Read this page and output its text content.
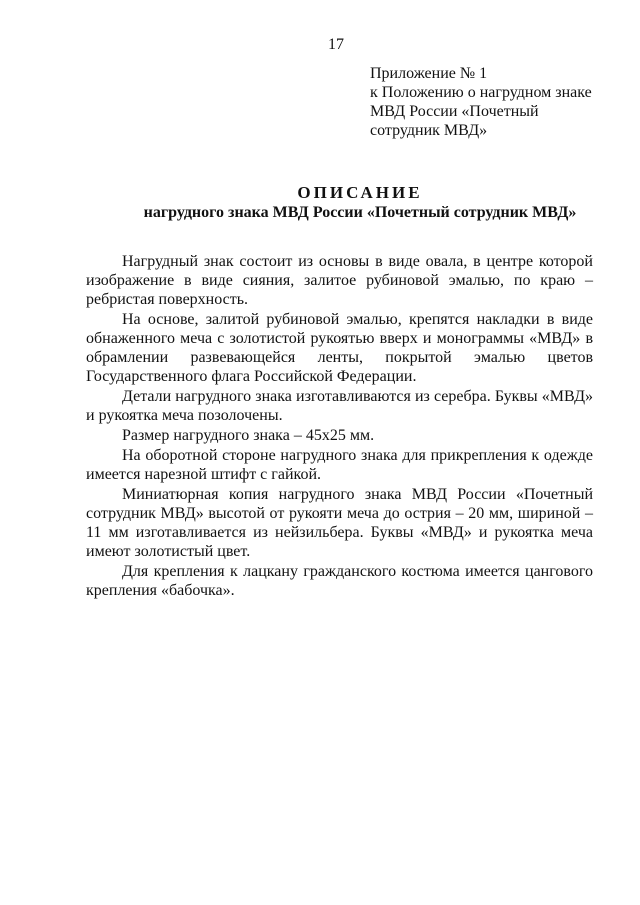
17
Приложение № 1
к Положению о нагрудном знаке
МВД России «Почетный
сотрудник МВД»
ОПИСАНИЕ
нагрудного знака МВД России «Почетный сотрудник МВД»

Нагрудный знак состоит из основы в виде овала, в центре которой изображение в виде сияния, залитое рубиновой эмалью, по краю – ребристая поверхность.

На основе, залитой рубиновой эмалью, крепятся накладки в виде обнаженного меча с золотистой рукоятью вверх и монограммы «МВД» в обрамлении развевающейся ленты, покрытой эмалью цветов Государственного флага Российской Федерации.

Детали нагрудного знака изготавливаются из серебра. Буквы «МВД» и рукоятка меча позолочены.

Размер нагрудного знака – 45х25 мм.

На оборотной стороне нагрудного знака для прикрепления к одежде имеется нарезной штифт с гайкой.

Миниатюрная копия нагрудного знака МВД России «Почетный сотрудник МВД» высотой от рукояти меча до острия – 20 мм, шириной – 11 мм изготавливается из нейзильбера. Буквы «МВД» и рукоятка меча имеют золотистый цвет.

Для крепления к лацкану гражданского костюма имеется цангового крепления «бабочка».
